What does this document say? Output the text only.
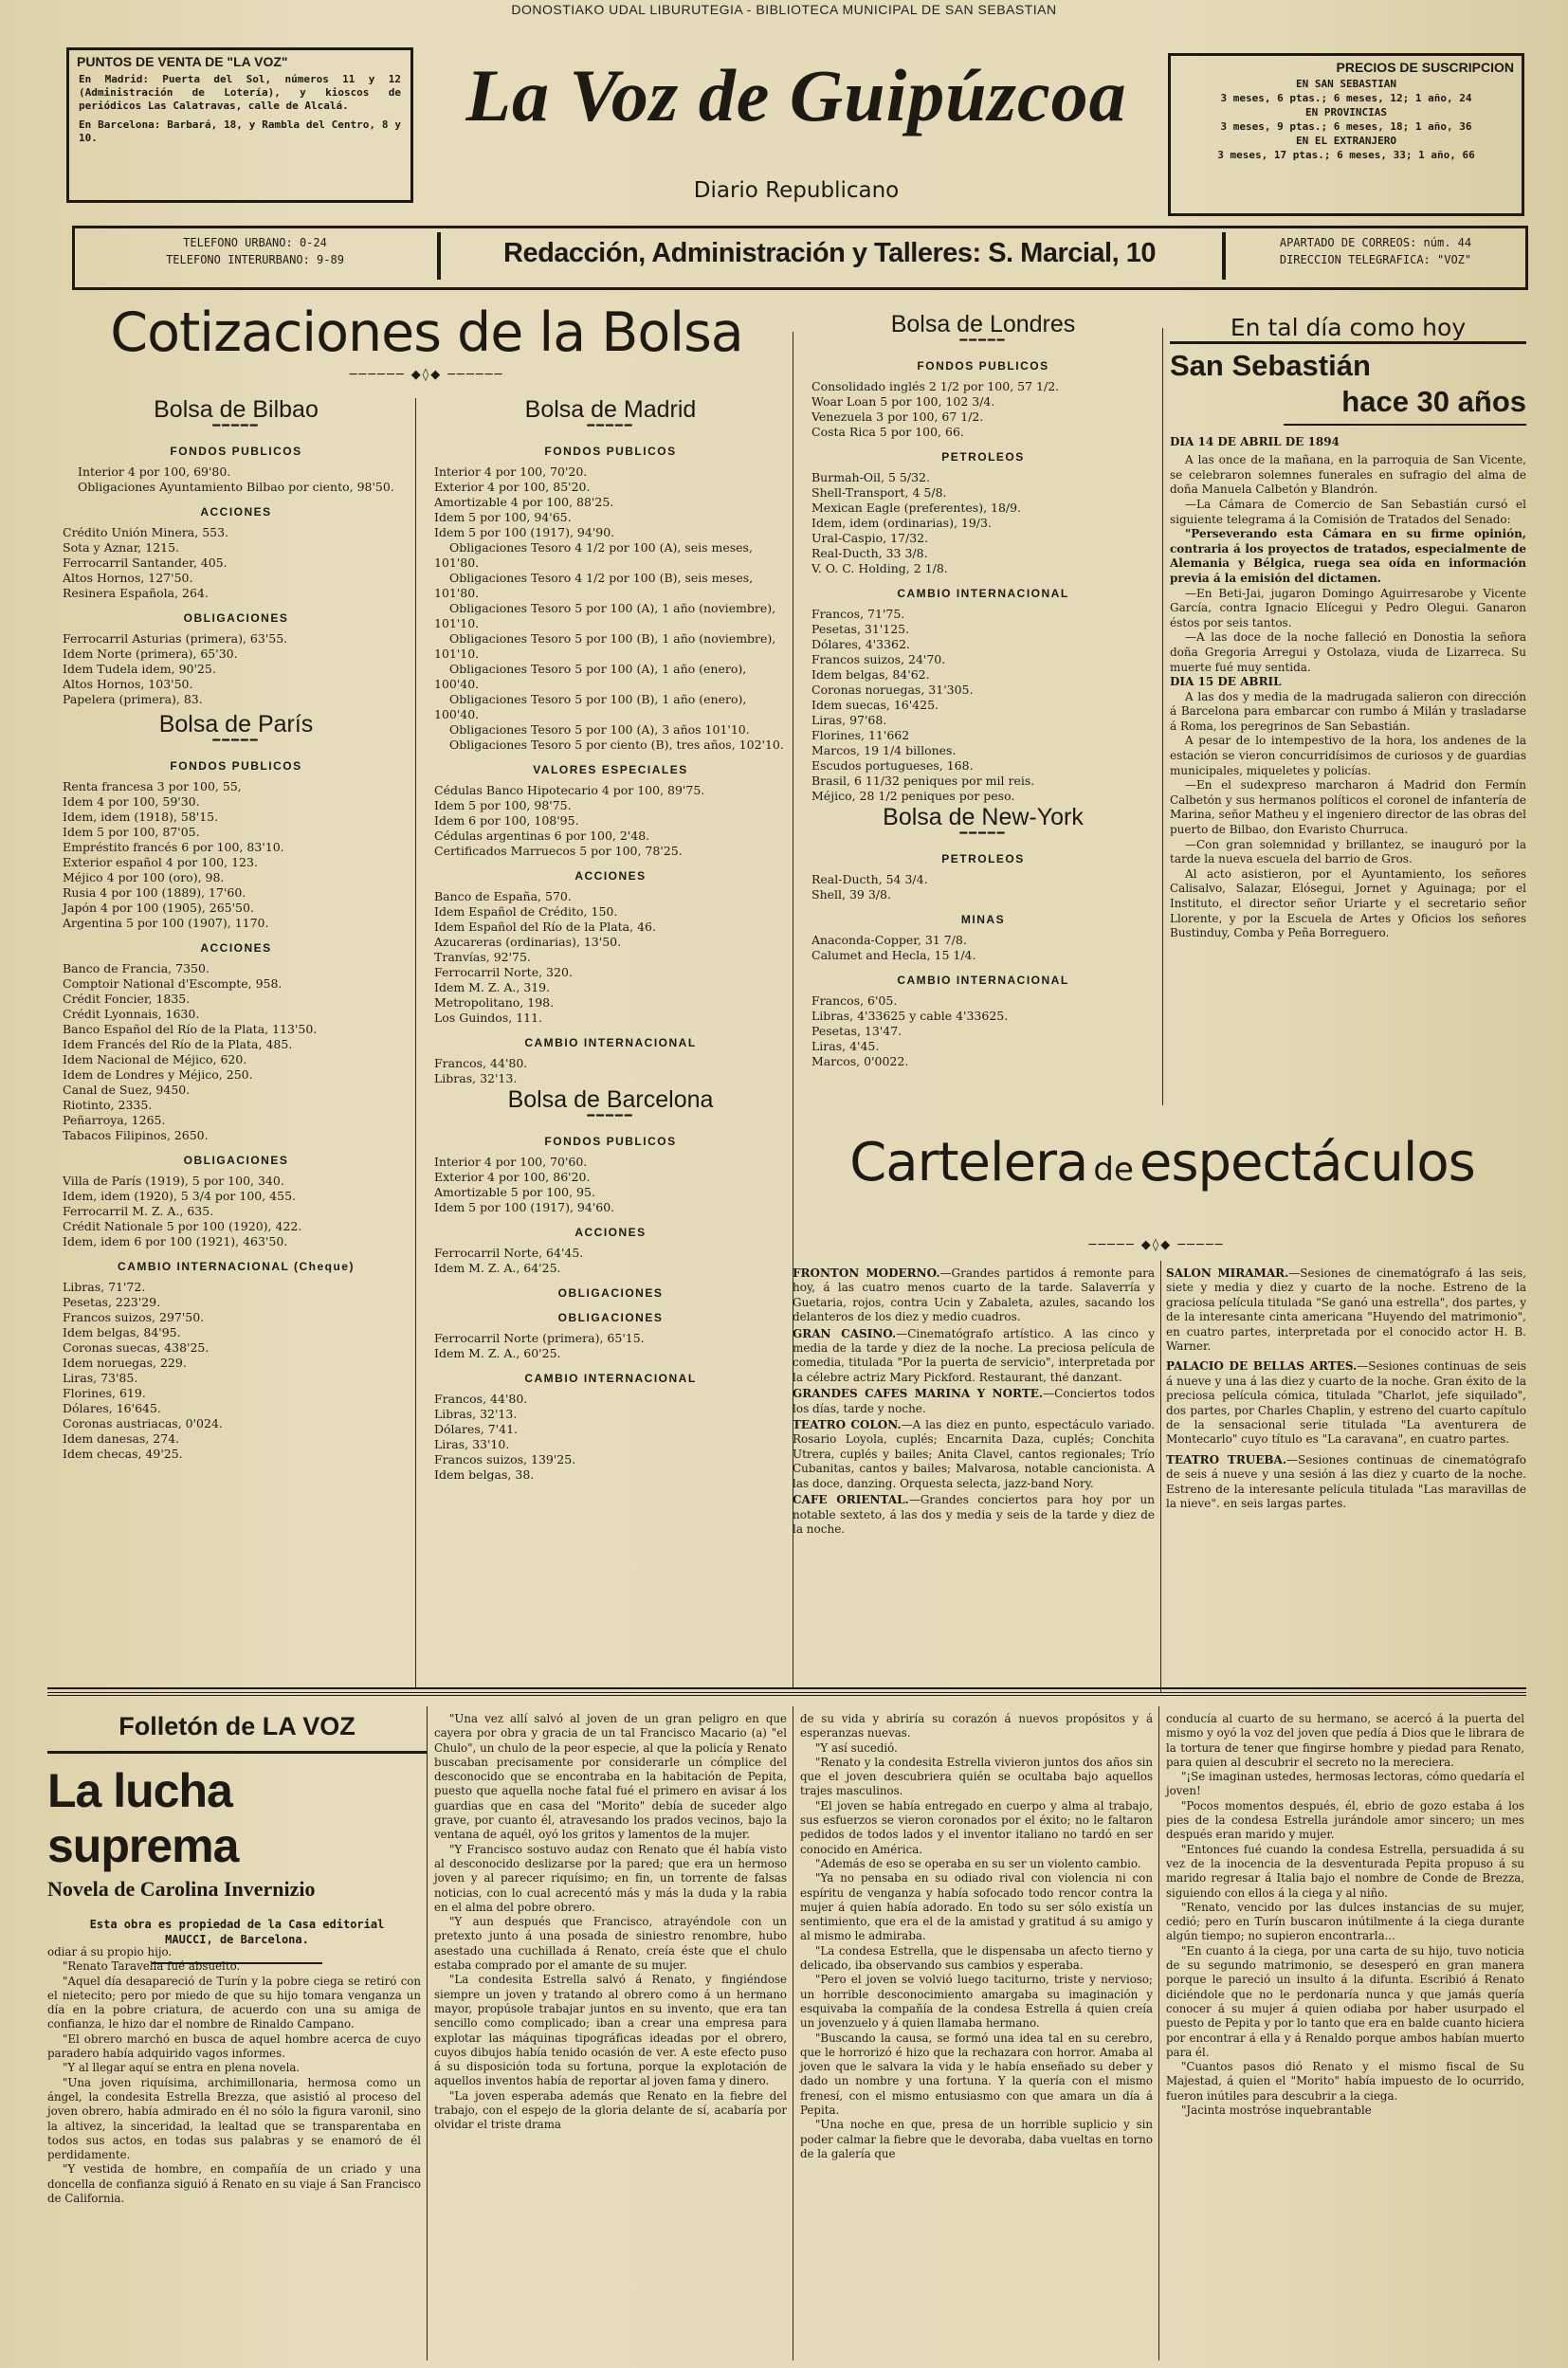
DONOSTIAKO UDAL LIBURUTEGIA - BIBLIOTECA MUNICIPAL DE SAN SEBASTIAN
PUNTOS DE VENTA DE "LA VOZ"
En Madrid: Puerta del Sol, números 11 y 12 (Administración de Lotería), y kioscos de periódicos Las Calatravas, calle de Alcalá.
En Barcelona: Barbará, 18, y Rambla del Centro, 8 y 10.
La Voz de Guipúzcoa
Diario Republicano
PRECIOS DE SUSCRIPCION
EN SAN SEBASTIAN
3 meses, 6 ptas.; 6 meses, 12; 1 año, 24
EN PROVINCIAS
3 meses, 9 ptas.; 6 meses, 18; 1 año, 36
EN EL EXTRANJERO
3 meses, 17 ptas.; 6 meses, 33; 1 año, 66
TELEFONO URBANO: 0-24
TELEFONO INTERURBANO: 9-89	Redacción, Administración y Talleres: S. Marcial, 10	APARTADO DE CORREOS: núm. 44
DIRECCION TELEGRAFICA: "VOZ"
Cotizaciones de la Bolsa
────── ◆◊◆ ──────
Bolsa de Bilbao
━━━━━
FONDOS PUBLICOS

Interior 4 por 100, 69'80.

Obligaciones Ayuntamiento Bilbao por ciento, 98'50.

ACCIONES

Crédito Unión Minera, 553.

Sota y Aznar, 1215.

Ferrocarril Santander, 405.

Altos Hornos, 127'50.

Resinera Española, 264.

OBLIGACIONES

Ferrocarril Asturias (primera), 63'55.

Idem Norte (primera), 65'30.

Idem Tudela idem, 90'25.

Altos Hornos, 103'50.

Papelera (primera), 83.

Bolsa de París
━━━━━
FONDOS PUBLICOS

Renta francesa 3 por 100, 55,

Idem 4 por 100, 59'30.

Idem, idem (1918), 58'15.

Idem 5 por 100, 87'05.

Empréstito francés 6 por 100, 83'10.

Exterior español 4 por 100, 123.

Méjico 4 por 100 (oro), 98.

Rusia 4 por 100 (1889), 17'60.

Japón 4 por 100 (1905), 265'50.

Argentina 5 por 100 (1907), 1170.

ACCIONES

Banco de Francia, 7350.

Comptoir National d'Escompte, 958.

Crédit Foncier, 1835.

Crédit Lyonnais, 1630.

Banco Español del Río de la Plata, 113'50.

Idem Francés del Río de la Plata, 485.

Idem Nacional de Méjico, 620.

Idem de Londres y Méjico, 250.

Canal de Suez, 9450.

Riotinto, 2335.

Peñarroya, 1265.

Tabacos Filipinos, 2650.

OBLIGACIONES

Villa de París (1919), 5 por 100, 340.

Idem, idem (1920), 5 3/4 por 100, 455.

Ferrocarril M. Z. A., 635.

Crédit Nationale 5 por 100 (1920), 422.

Idem, idem 6 por 100 (1921), 463'50.

CAMBIO INTERNACIONAL (Cheque)

Libras, 71'72.

Pesetas, 223'29.

Francos suizos, 297'50.

Idem belgas, 84'95.

Coronas suecas, 438'25.

Idem noruegas, 229.

Liras, 73'85.

Florines, 619.

Dólares, 16'645.

Coronas austriacas, 0'024.

Idem danesas, 274.

Idem checas, 49'25.

Bolsa de Madrid
━━━━━
FONDOS PUBLICOS

Interior 4 por 100, 70'20.

Exterior 4 por 100, 85'20.

Amortizable 4 por 100, 88'25.

Idem 5 por 100, 94'65.

Idem 5 por 100 (1917), 94'90.

Obligaciones Tesoro 4 1/2 por 100 (A), seis meses, 101'80.

Obligaciones Tesoro 4 1/2 por 100 (B), seis meses, 101'80.

Obligaciones Tesoro 5 por 100 (A), 1 año (noviembre), 101'10.

Obligaciones Tesoro 5 por 100 (B), 1 año (noviembre), 101'10.

Obligaciones Tesoro 5 por 100 (A), 1 año (enero), 100'40.

Obligaciones Tesoro 5 por 100 (B), 1 año (enero), 100'40.

Obligaciones Tesoro 5 por 100 (A), 3 años 101'10.

Obligaciones Tesoro 5 por ciento (B), tres años, 102'10.

VALORES ESPECIALES

Cédulas Banco Hipotecario 4 por 100, 89'75.

Idem 5 por 100, 98'75.

Idem 6 por 100, 108'95.

Cédulas argentinas 6 por 100, 2'48.

Certificados Marruecos 5 por 100, 78'25.

ACCIONES

Banco de España, 570.

Idem Español de Crédito, 150.

Idem Español del Río de la Plata, 46.

Azucareras (ordinarias), 13'50.

Tranvías, 92'75.

Ferrocarril Norte, 320.

Idem M. Z. A., 319.

Metropolitano, 198.

Los Guindos, 111.

CAMBIO INTERNACIONAL

Francos, 44'80.

Libras, 32'13.

Bolsa de Barcelona
━━━━━
FONDOS PUBLICOS

Interior 4 por 100, 70'60.

Exterior 4 por 100, 86'20.

Amortizable 5 por 100, 95.

Idem 5 por 100 (1917), 94'60.

ACCIONES

Ferrocarril Norte, 64'45.

Idem M. Z. A., 64'25.

OBLIGACIONES
OBLIGACIONES

Ferrocarril Norte (primera), 65'15.

Idem M. Z. A., 60'25.

CAMBIO INTERNACIONAL

Francos, 44'80.

Libras, 32'13.

Dólares, 7'41.

Liras, 33'10.

Francos suizos, 139'25.

Idem belgas, 38.

Bolsa de Londres
━━━━━
FONDOS PUBLICOS

Consolidado inglés 2 1/2 por 100, 57 1/2.

Woar Loan 5 por 100, 102 3/4.

Venezuela 3 por 100, 67 1/2.

Costa Rica 5 por 100, 66.

PETROLEOS

Burmah-Oil, 5 5/32.

Shell-Transport, 4 5/8.

Mexican Eagle (preferentes), 18/9.

Idem, idem (ordinarias), 19/3.

Ural-Caspio, 17/32.

Real-Ducth, 33 3/8.

V. O. C. Holding, 2 1/8.

CAMBIO INTERNACIONAL

Francos, 71'75.

Pesetas, 31'125.

Dólares, 4'3362.

Francos suizos, 24'70.

Idem belgas, 84'62.

Coronas noruegas, 31'305.

Idem suecas, 16'425.

Liras, 97'68.

Florines, 11'662

Marcos, 19 1/4 billones.

Escudos portugueses, 168.

Brasil, 6 11/32 peniques por mil reis.

Méjico, 28 1/2 peniques por peso.

Bolsa de New-York
━━━━━
PETROLEOS

Real-Ducth, 54 3/4.

Shell, 39 3/8.

MINAS

Anaconda-Copper, 31 7/8.

Calumet and Hecla, 15 1/4.

CAMBIO INTERNACIONAL

Francos, 6'05.

Libras, 4'33625 y cable 4'33625.

Pesetas, 13'47.

Liras, 4'45.

Marcos, 0'0022.

En tal día como hoy
San Sebastián
hace 30 años

DIA 14 DE ABRIL DE 1894

A las once de la mañana, en la parroquia de San Vicente, se celebraron solemnes funerales en sufragio del alma de doña Manuela Calbetón y Blandrón.

—La Cámara de Comercio de San Sebastián cursó el siguiente telegrama á la Comisión de Tratados del Senado:

"Perseverando esta Cámara en su firme opinión, contraria á los proyectos de tratados, especialmente de Alemania y Bélgica, ruega sea oída en información previa á la emisión del dictamen.

—En Beti-Jai, jugaron Domingo Aguirresarobe y Vicente García, contra Ignacio Elícegui y Pedro Olegui. Ganaron éstos por seis tantos.

—A las doce de la noche falleció en Donostia la señora doña Gregoria Arregui y Ostolaza, viuda de Lizarreca. Su muerte fué muy sentida.

DIA 15 DE ABRIL

A las dos y media de la madrugada salieron con dirección á Barcelona para embarcar con rumbo á Milán y trasladarse á Roma, los peregrinos de San Sebastián.

A pesar de lo intempestivo de la hora, los andenes de la estación se vieron concurridísimos de curiosos y de guardias municipales, miqueletes y policías.

—En el sudexpreso marcharon á Madrid don Fermín Calbetón y sus hermanos políticos el coronel de infantería de Marina, señor Matheu y el ingeniero director de las obras del puerto de Bilbao, don Evaristo Churruca.

—Con gran solemnidad y brillantez, se inauguró por la tarde la nueva escuela del barrio de Gros.

Al acto asistieron, por el Ayuntamiento, los señores Calisalvo, Salazar, Elósegui, Jornet y Aguinaga; por el Instituto, el director señor Uriarte y el secretario señor Llorente, y por la Escuela de Artes y Oficios los señores Bustinduy, Comba y Peña Borreguero.

Cartelera de espectáculos
───── ◆◊◆ ─────

FRONTON MODERNO.—Grandes partidos á remonte para hoy, á las cuatro menos cuarto de la tarde. Salaverría y Guetaria, rojos, contra Ucin y Zabaleta, azules, sacando los delanteros de los diez y medio cuadros.

GRAN CASINO.—Cinematógrafo artístico. A las cinco y media de la tarde y diez de la noche. La preciosa película de comedia, titulada "Por la puerta de servicio", interpretada por la célebre actriz Mary Pickford. Restaurant, thé danzant.

GRANDES CAFES MARINA Y NORTE.—Conciertos todos los días, tarde y noche.

TEATRO COLON.—A las diez en punto, espectáculo variado. Rosario Loyola, cuplés; Encarnita Daza, cuplés; Conchita Utrera, cuplés y bailes; Anita Clavel, cantos regionales; Trío Cubanitas, cantos y bailes; Malvarosa, notable cancionista. A las doce, danzing. Orquesta selecta, jazz-band Nory.

CAFE ORIENTAL.—Grandes conciertos para hoy por un notable sexteto, á las dos y media y seis de la tarde y diez de la noche.

SALON MIRAMAR.—Sesiones de cinematógrafo á las seis, siete y media y diez y cuarto de la noche. Estreno de la graciosa película titulada "Se ganó una estrella", dos partes, y de la interesante cinta americana "Huyendo del matrimonio", en cuatro partes, interpretada por el conocido actor H. B. Warner.

PALACIO DE BELLAS ARTES.—Sesiones continuas de seis á nueve y una á las diez y cuarto de la noche. Gran éxito de la preciosa película cómica, titulada "Charlot, jefe siquilado", dos partes, por Charles Chaplin, y estreno del cuarto capítulo de la sensacional serie titulada "La aventurera de Montecarlo" cuyo título es "La caravana", en cuatro partes.

TEATRO TRUEBA.—Sesiones continuas de cinematógrafo de seis á nueve y una sesión á las diez y cuarto de la noche. Estreno de la interesante película titulada "Las maravillas de la nieve". en seis largas partes.

Folletón de LA VOZ
La lucha suprema
Novela de Carolina Invernizio
Esta obra es propiedad de la Casa editorial MAUCCI, de Barcelona.

odiar á su propio hijo.

"Renato Taravella fué absuelto.

"Aquel día desapareció de Turín y la pobre ciega se retiró con el nietecito; pero por miedo de que su hijo tomara venganza un día en la pobre criatura, de acuerdo con una su amiga de confianza, le hizo dar el nombre de Rinaldo Campano.

"El obrero marchó en busca de aquel hombre acerca de cuyo paradero había adquirido vagos informes.

"Y al llegar aquí se entra en plena novela.

"Una joven riquísima, archimillonaria, hermosa como un ángel, la condesita Estrella Brezza, que asistió al proceso del joven obrero, había admirado en él no sólo la figura varonil, sino la altivez, la sinceridad, la lealtad que se transparentaba en todos sus actos, en todas sus palabras y se enamoró de él perdidamente.

"Y vestida de hombre, en compañía de un criado y una doncella de confianza siguió á Renato en su viaje á San Francisco de California.

"Una vez allí salvó al joven de un gran peligro en que cayera por obra y gracia de un tal Francisco Macario (a) "el Chulo", un chulo de la peor especie, al que la policía y Renato buscaban precisamente por considerarle un cómplice del desconocido que se encontraba en la habitación de Pepita, puesto que aquella noche fatal fué el primero en avisar á los guardias que en casa del "Morito" debía de suceder algo grave, por cuanto él, atravesando los prados vecinos, bajo la ventana de aquél, oyó los gritos y lamentos de la mujer.

"Y Francisco sostuvo audaz con Renato que él había visto al desconocido deslizarse por la pared; que era un hermoso joven y al parecer riquísimo; en fin, un torrente de falsas noticias, con lo cual acrecentó más y más la duda y la rabia en el alma del pobre obrero.

"Y aun después que Francisco, atrayéndole con un pretexto junto á una posada de siniestro renombre, hubo asestado una cuchillada á Renato, creía éste que el chulo estaba comprado por el amante de su mujer.

"La condesita Estrella salvó á Renato, y fingiéndose siempre un joven y tratando al obrero como á un hermano mayor, propúsole trabajar juntos en su invento, que era tan sencillo como complicado; iban a crear una empresa para explotar las máquinas tipográficas ideadas por el obrero, cuyos dibujos había tenido ocasión de ver. A este efecto puso á su disposición toda su fortuna, porque la explotación de aquellos inventos había de reportar al joven fama y dinero.

"La joven esperaba además que Renato en la fiebre del trabajo, con el espejo de la gloria delante de sí, acabaría por olvidar el triste drama

de su vida y abriría su corazón á nuevos propósitos y á esperanzas nuevas.

"Y así sucedió.

"Renato y la condesita Estrella vivieron juntos dos años sin que el joven descubriera quién se ocultaba bajo aquellos trajes masculinos.

"El joven se había entregado en cuerpo y alma al trabajo, sus esfuerzos se vieron coronados por el éxito; no le faltaron pedidos de todos lados y el inventor italiano no tardó en ser conocido en América.

"Además de eso se operaba en su ser un violento cambio.

"Ya no pensaba en su odiado rival con violencia ni con espíritu de venganza y había sofocado todo rencor contra la mujer á quien había adorado. En todo su ser sólo existía un sentimiento, que era el de la amistad y gratitud á su amigo y al mismo le admiraba.

"La condesa Estrella, que le dispensaba un afecto tierno y delicado, iba observando sus cambios y esperaba.

"Pero el joven se volvió luego taciturno, triste y nervioso; un horrible desconocimiento amargaba su imaginación y esquivaba la compañía de la condesa Estrella á quien creía un jovenzuelo y á quien llamaba hermano.

"Buscando la causa, se formó una idea tal en su cerebro, que le horrorizó é hizo que la rechazara con horror. Amaba al joven que le salvara la vida y le había enseñado su deber y dado un nombre y una fortuna. Y la quería con el mismo frenesí, con el mismo entusiasmo con que amara un día á Pepita.

"Una noche en que, presa de un horrible suplicio y sin poder calmar la fiebre que le devoraba, daba vueltas en torno de la galería que

conducía al cuarto de su hermano, se acercó á la puerta del mismo y oyó la voz del joven que pedía á Dios que le librara de la tortura de tener que fingirse hombre y piedad para Renato, para quien al descubrir el secreto no la mereciera.

"¡Se imaginan ustedes, hermosas lectoras, cómo quedaría el joven!

"Pocos momentos después, él, ebrio de gozo estaba á los pies de la condesa Estrella jurándole amor sincero; un mes después eran marido y mujer.

"Entonces fué cuando la condesa Estrella, persuadida á su vez de la inocencia de la desventurada Pepita propuso á su marido regresar á Italia bajo el nombre de Conde de Brezza, siguiendo con ellos á la ciega y al niño.

"Renato, vencido por las dulces instancias de su mujer, cedió; pero en Turín buscaron inútilmente á la ciega durante algún tiempo; no supieron encontrarla...

"En cuanto á la ciega, por una carta de su hijo, tuvo noticia de su segundo matrimonio, se desesperó en gran manera porque le pareció un insulto á la difunta. Escribió á Renato diciéndole que no le perdonaría nunca y que jamás quería conocer á su mujer á quien odiaba por haber usurpado el puesto de Pepita y por lo tanto que era en balde cuanto hiciera por encontrar á ella y á Renaldo porque ambos habían muerto para él.

"Cuantos pasos dió Renato y el mismo fiscal de Su Majestad, á quien el "Morito" había impuesto de lo ocurrido, fueron inútiles para descubrir a la ciega.

"Jacinta mostróse inquebrantable
